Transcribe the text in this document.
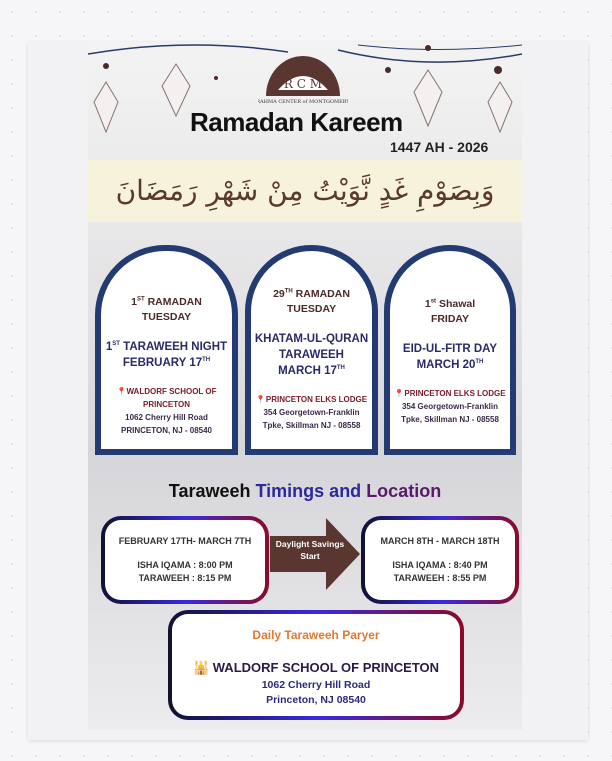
R C M
RAHMA CENTER of MONTGOMERY
Ramadan Kareem
1447 AH - 2026
وَبِصَوْمِ غَدٍ نَّوَيْتُ مِنْ شَهْرِ رَمَضَانَ
1ST RAMADAN
TUESDAY
1ST TARAWEEH NIGHT
FEBRUARY 17TH
📍WALDORF SCHOOL OF PRINCETON
1062 Cherry Hill Road
PRINCETON, NJ - 08540
29TH RAMADAN
TUESDAY
KHATAM-UL-QURAN
TARAWEEH
MARCH 17TH
📍PRINCETON ELKS LODGE
354 Georgetown-Franklin
Tpke, Skillman NJ - 08558
1st Shawal
FRIDAY
EID-UL-FITR DAY
MARCH 20TH
📍PRINCETON ELKS LODGE
354 Georgetown-Franklin
Tpke, Skillman NJ - 08558
Taraweeh Timings and Location
FEBRUARY 17TH- MARCH 7TH
ISHA IQAMA : 8:00 PM
TARAWEEH : 8:15 PM
Daylight Savings Start
MARCH 8TH - MARCH 18TH
ISHA IQAMA : 8:40 PM
TARAWEEH : 8:55 PM
Daily Taraweeh Paryer
🕌 WALDORF SCHOOL OF PRINCETON
1062 Cherry Hill Road
Princeton, NJ 08540
